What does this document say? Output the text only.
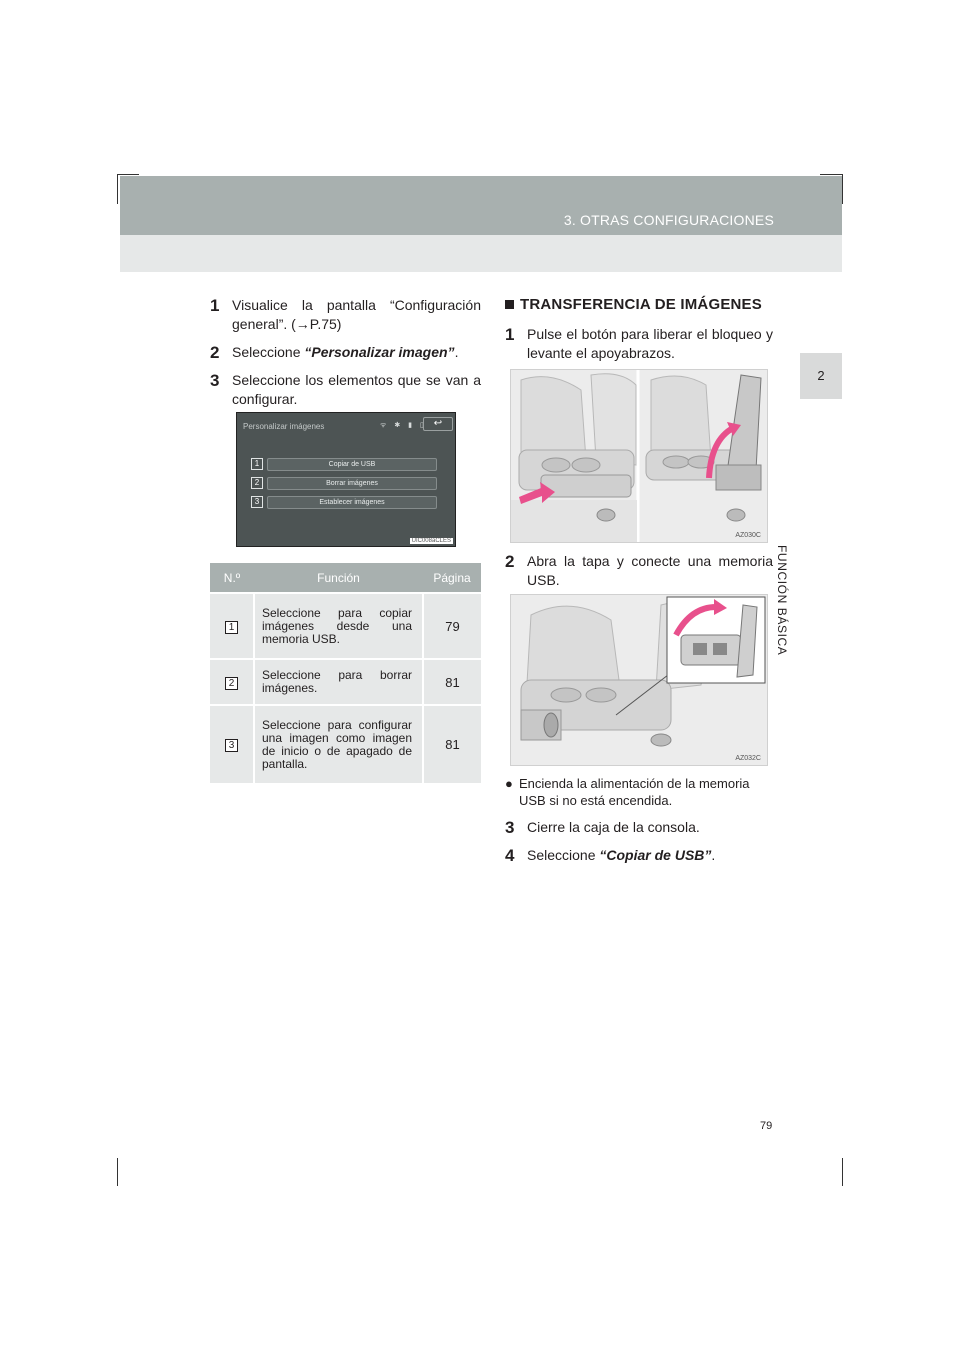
3. OTRAS CONFIGURACIONES
2
FUNCIÓN BÁSICA
1 Visualice la pantalla “Configuración general”. (→P.75)
2 Seleccione “Personalizar imagen”.
3 Seleccione los elementos que se van a configurar.
Personalizar imágenes	ᯤ ✱ ▮ ▯ ↩
1	Copiar de USB
2	Borrar imágenes
3	Establecer imágenes
UIC008aCLES
N.º	Función	Página
1	Seleccione para copiar imágenes desde una memoria USB.	79
2	Seleccione para borrar imágenes.	81
3	Seleccione para configurar una imagen como imagen de inicio o de apagado de pantalla.	81
TRANSFERENCIA DE IMÁGENES
1 Pulse el botón para liberar el bloqueo y levante el apoyabrazos.
AZ030C
2 Abra la tapa y conecte una memoria USB.
AZ032C
● Encienda la alimentación de la memoria USB si no está encendida.
3 Cierre la caja de la consola.
4 Seleccione “Copiar de USB”.
79
